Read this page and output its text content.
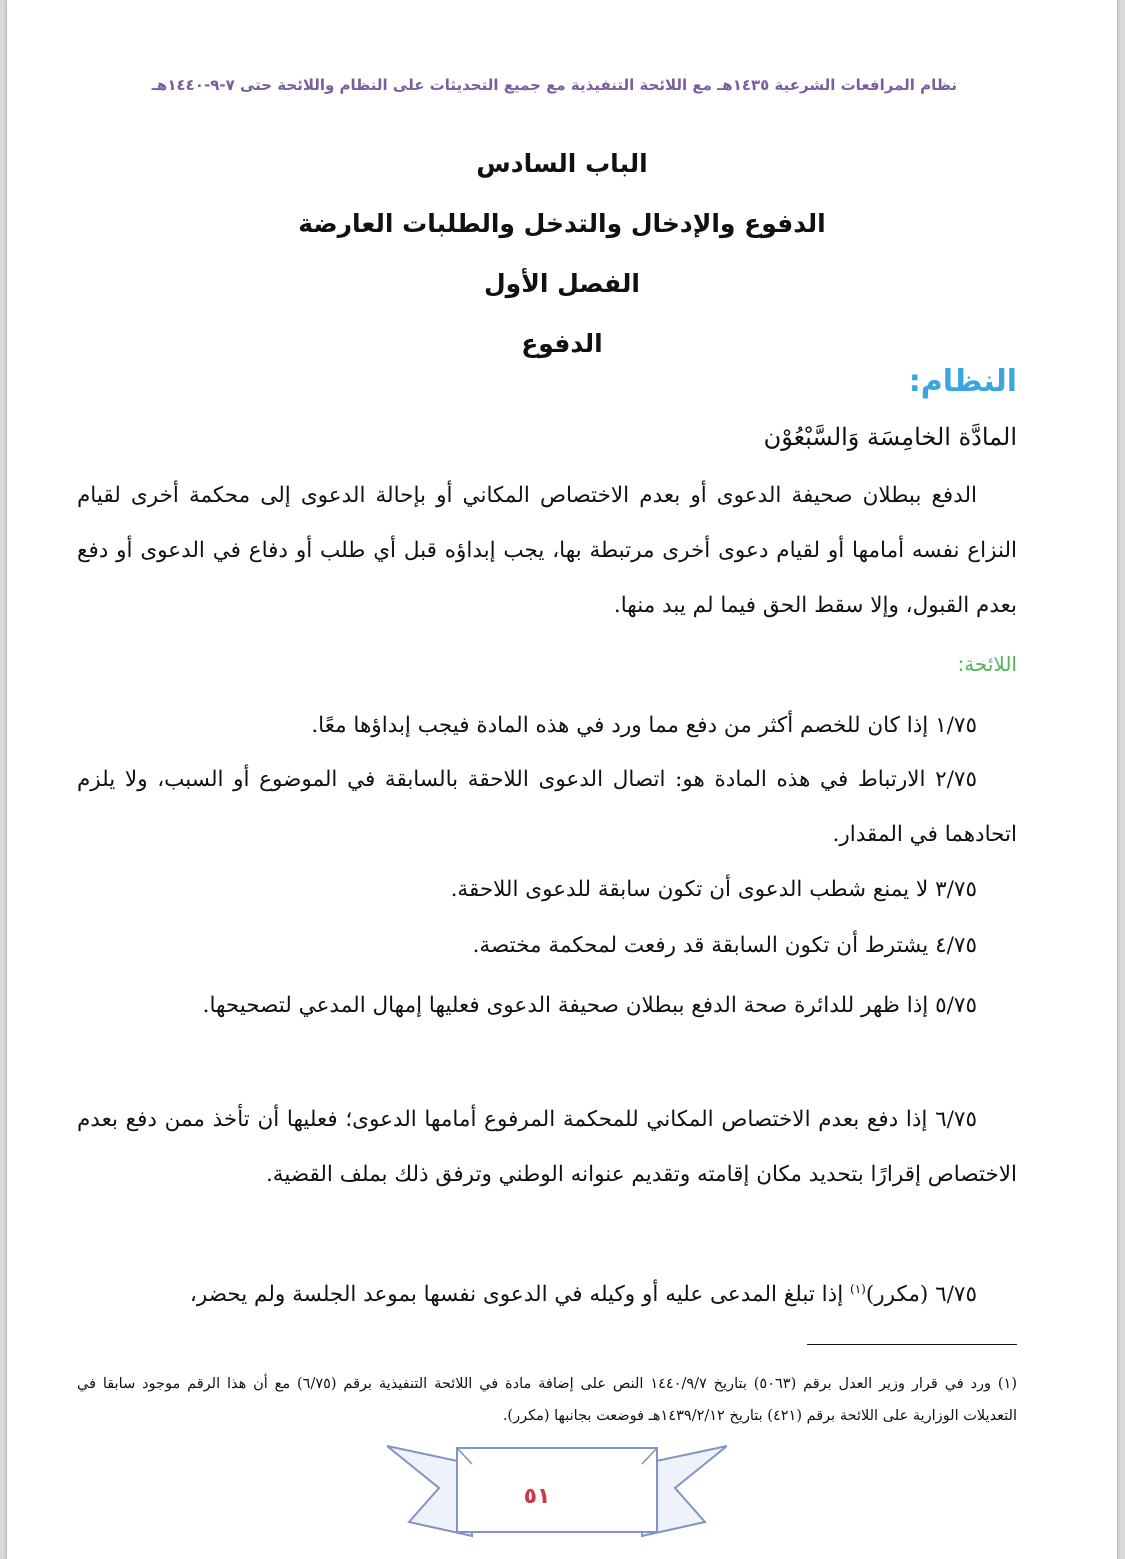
نظام المرافعات الشرعية ١٤٣٥هـ مع اللائحة التنفيذية مع جميع التحديثات على النظام واللائحة حتى ٧-٩-١٤٤٠هـ
الباب السادس
الدفوع والإدخال والتدخل والطلبات العارضة
الفصل الأول
الدفوع
النظام:
المادَّة الخامِسَة وَالسَّبْعُوْن
الدفع ببطلان صحيفة الدعوى أو بعدم الاختصاص المكاني أو بإحالة الدعوى إلى محكمة أخرى لقيام النزاع نفسه أمامها أو لقيام دعوى أخرى مرتبطة بها، يجب إبداؤه قبل أي طلب أو دفاع في الدعوى أو دفع بعدم القبول، وإلا سقط الحق فيما لم يبد منها.
اللائحة:
١/٧٥ إذا كان للخصم أكثر من دفع مما ورد في هذه المادة فيجب إبداؤها معًا.
٢/٧٥ الارتباط في هذه المادة هو: اتصال الدعوى اللاحقة بالسابقة في الموضوع أو السبب، ولا يلزم اتحادهما في المقدار.
٣/٧٥ لا يمنع شطب الدعوى أن تكون سابقة للدعوى اللاحقة.
٤/٧٥ يشترط أن تكون السابقة قد رفعت لمحكمة مختصة.
٥/٧٥ إذا ظهر للدائرة صحة الدفع ببطلان صحيفة الدعوى فعليها إمهال المدعي لتصحيحها.
٦/٧٥ إذا دفع بعدم الاختصاص المكاني للمحكمة المرفوع أمامها الدعوى؛ فعليها أن تأخذ ممن دفع بعدم الاختصاص إقرارًا بتحديد مكان إقامته وتقديم عنوانه الوطني وترفق ذلك بملف القضية.
٦/٧٥ (مكرر)$^{(١)}$ إذا تبلغ المدعى عليه أو وكيله في الدعوى نفسها بموعد الجلسة ولم يحضر،
(١) ورد في قرار وزير العدل برقم (٥٠٦٣) بتاريخ ١٤٤٠/٩/٧ النص على إضافة مادة في اللائحة التنفيذية برقم (٦/٧٥) مع أن هذا الرقم موجود سابقا في التعديلات الوزارية على اللائحة برقم (٤٢١) بتاريخ ١٤٣٩/٢/١٢هـ فوضعت بجانبها (مكرر).
٥١
